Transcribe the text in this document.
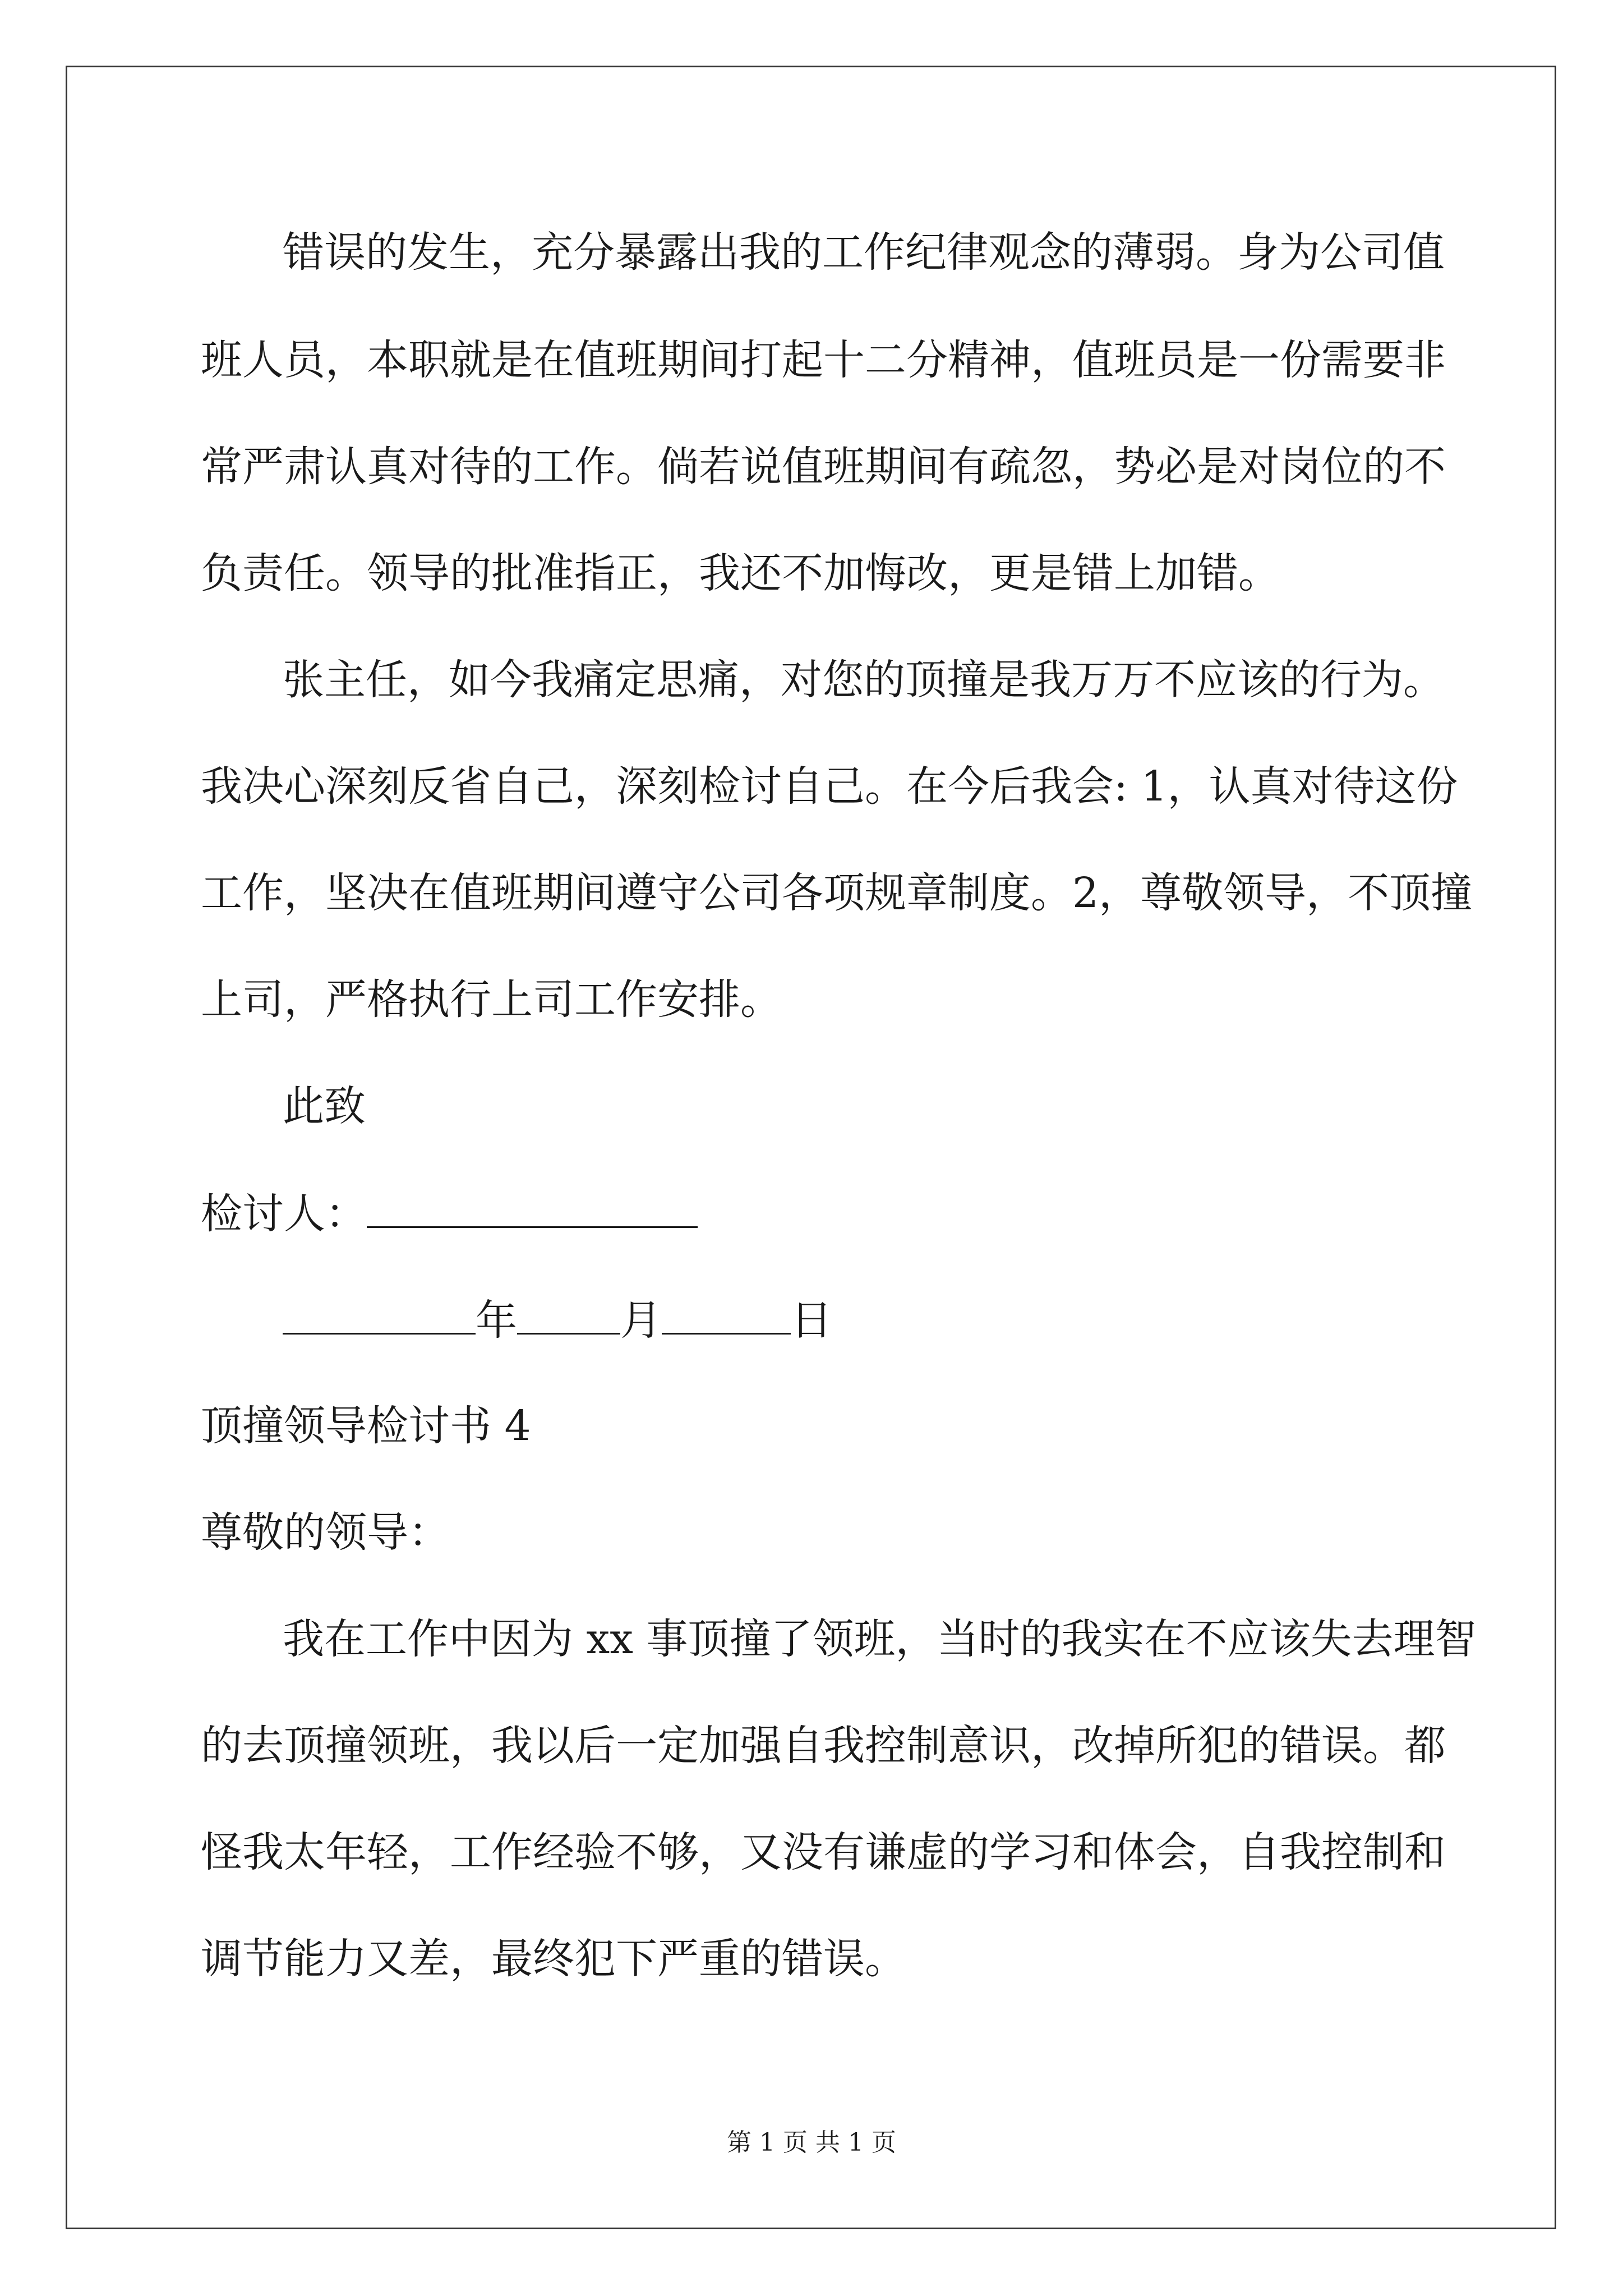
错误的发生，充分暴露出我的工作纪律观念的薄弱。身为公司值
班人员，本职就是在值班期间打起十二分精神，值班员是一份需要非
常严肃认真对待的工作。倘若说值班期间有疏忽，势必是对岗位的不
负责任。领导的批准指正，我还不加悔改，更是错上加错。
张主任，如今我痛定思痛，对您的顶撞是我万万不应该的行为。
我决心深刻反省自己，深刻检讨自己。在今后我会: 1，认真对待这份
工作，坚决在值班期间遵守公司各项规章制度。2，尊敬领导，不顶撞
上司，严格执行上司工作安排。
此致
检讨人：
年 月	日
顶撞领导检讨书 4
尊敬的领导：
我在工作中因为 xx 事顶撞了领班，当时的我实在不应该失去理智
的去顶撞领班，我以后一定加强自我控制意识，改掉所犯的错误。都
怪我太年轻，工作经验不够，又没有谦虚的学习和体会，自我控制和
调节能力又差，最终犯下严重的错误。
第 1 页 共 1 页
